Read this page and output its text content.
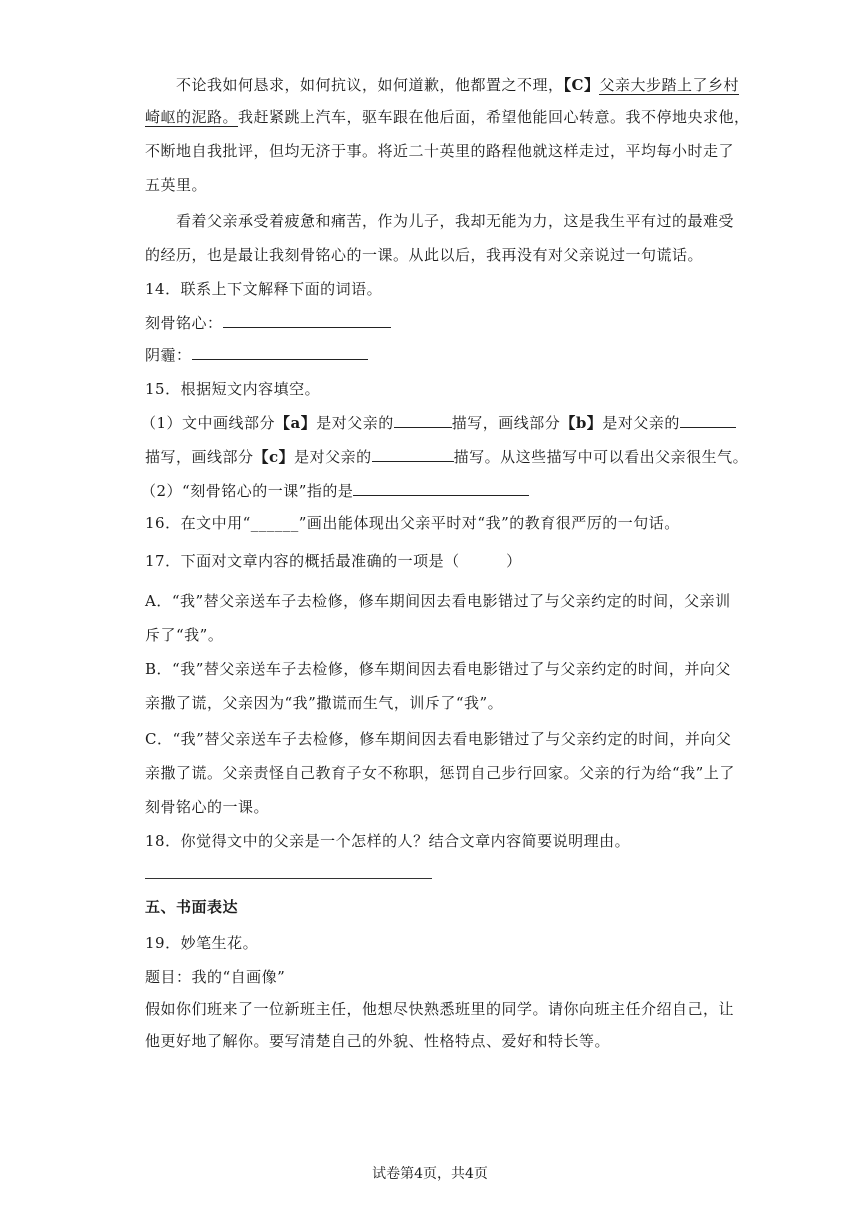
不论我如何恳求，如何抗议，如何道歉，他都置之不理，【C】父亲大步踏上了乡村
崎岖的泥路。我赶紧跳上汽车，驱车跟在他后面，希望他能回心转意。我不停地央求他，
不断地自我批评，但均无济于事。将近二十英里的路程他就这样走过，平均每小时走了
五英里。
看着父亲承受着疲惫和痛苦，作为儿子，我却无能为力，这是我生平有过的最难受
的经历，也是最让我刻骨铭心的一课。从此以后，我再没有对父亲说过一句谎话。
14．联系上下文解释下面的词语。
刻骨铭心：
阴霾：
15．根据短文内容填空。
（1）文中画线部分【a】是对父亲的	描写，画线部分【b】是对父亲的
描写，画线部分【c】是对父亲的	描写。从这些描写中可以看出父亲很生气。
（2）“刻骨铭心的一课”指的是
16．在文中用“______”画出能体现出父亲平时对“我”的教育很严厉的一句话。
17．下面对文章内容的概括最准确的一项是（　　　）
A．“我”替父亲送车子去检修，修车期间因去看电影错过了与父亲约定的时间，父亲训
斥了“我”。
B．“我”替父亲送车子去检修，修车期间因去看电影错过了与父亲约定的时间，并向父
亲撒了谎，父亲因为“我”撒谎而生气，训斥了“我”。
C．“我”替父亲送车子去检修，修车期间因去看电影错过了与父亲约定的时间，并向父
亲撒了谎。父亲责怪自己教育子女不称职，惩罚自己步行回家。父亲的行为给“我”上了
刻骨铭心的一课。
18．你觉得文中的父亲是一个怎样的人？结合文章内容简要说明理由。
五、书面表达
19．妙笔生花。
题目：我的“自画像”
假如你们班来了一位新班主任，他想尽快熟悉班里的同学。请你向班主任介绍自己，让
他更好地了解你。要写清楚自己的外貌、性格特点、爱好和特长等。
试卷第4页，共4页
